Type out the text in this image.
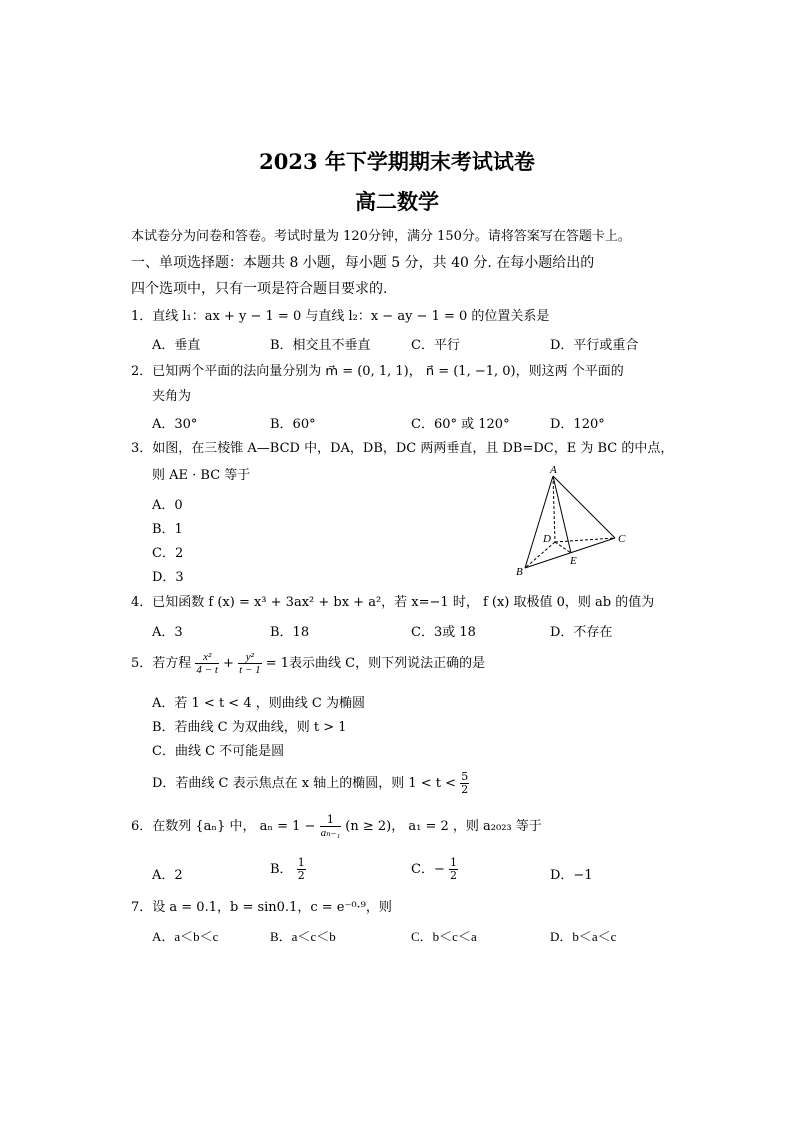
2023 年下学期期末考试试卷
高二数学
本试卷分为问卷和答卷。考试时量为 120分钟，满分 150分。请将答案写在答题卡上。
一、单项选择题：本题共 8 小题，每小题 5 分，共 40 分. 在每小题给出的
四个选项中，只有一项是符合题目要求的.
1．直线 l₁：ax + y − 1 = 0 与直线 l₂：x − ay − 1 = 0 的位置关系是
A．垂直	B．相交且不垂直	C．平行	D．平行或重合
2．已知两个平面的法向量分别为 m⃗ = (0, 1, 1)， n⃗ = (1, −1, 0)，则这两 个平面的
夹角为
A．30°	B．60°	C．60° 或 120°	D．120°
3．如图，在三棱锥 A—BCD 中，DA，DB，DC 两两垂直，且 DB=DC，E 为 BC 的中点，
则 AE · BC 等于
A．0
B．1
C．2
D．3
A
D	C
E
B
4．已知函数 f (x) = x³ + 3ax² + bx + a²，若 x=−1 时， f (x) 取极值 0，则 ab 的值为
A．3	B．18	C．3或 18	D．不存在
5．若方程 $\frac{\text{x²}}{4 - t} + \frac{\text{y²}}{t - 1} = 1$表示曲线 C，则下列说法正确的是
A．若 1 < t < 4 ，则曲线 C 为椭圆
B．若曲线 C 为双曲线，则 t > 1
C．曲线 C 不可能是圆
D．若曲线 C 表示焦点在 x 轴上的椭圆，则 $1 < t < \frac{5}{2}$
6．在数列 {aₙ} 中， $a_n = 1 - \frac{1}{\text{aₙ₋₁}} (n \ge 2)$， a₁ = 2 ，则 a₂₀₂₃ 等于
A．2	B． $\frac{1}{2}$	C．− $\frac{1}{2}$	D．−1
7．设 a = 0.1，b = sin0.1，c = e⁻⁰·⁹，则
A．a＜b＜c	B．a＜c＜b	C．b＜c＜a	D．b＜a＜c
